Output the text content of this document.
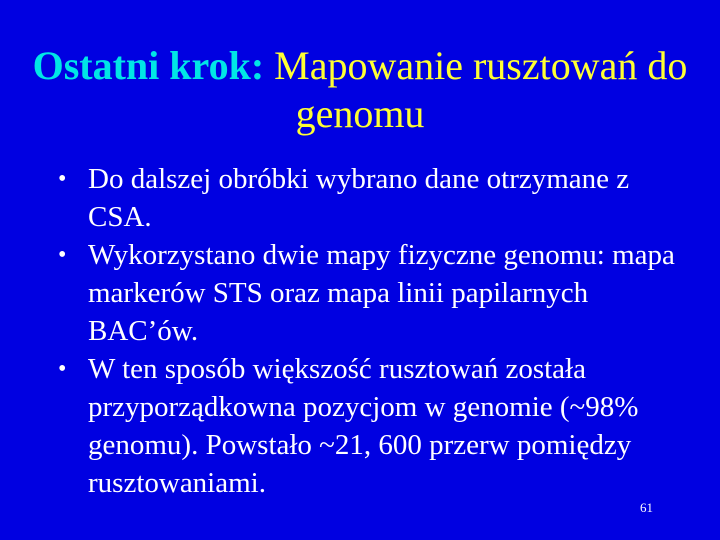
Ostatni krok: Mapowanie rusztowań do genomu
• Do dalszej obróbki wybrano dane otrzymane z CSA.
• Wykorzystano dwie mapy fizyczne genomu: mapa markerów STS oraz mapa linii papilarnych BAC’ów.
• W ten sposób większość rusztowań została przyporządkowna pozycjom w genomie (~98% genomu). Powstało ~21, 600 przerw pomiędzy rusztowaniami.
61
